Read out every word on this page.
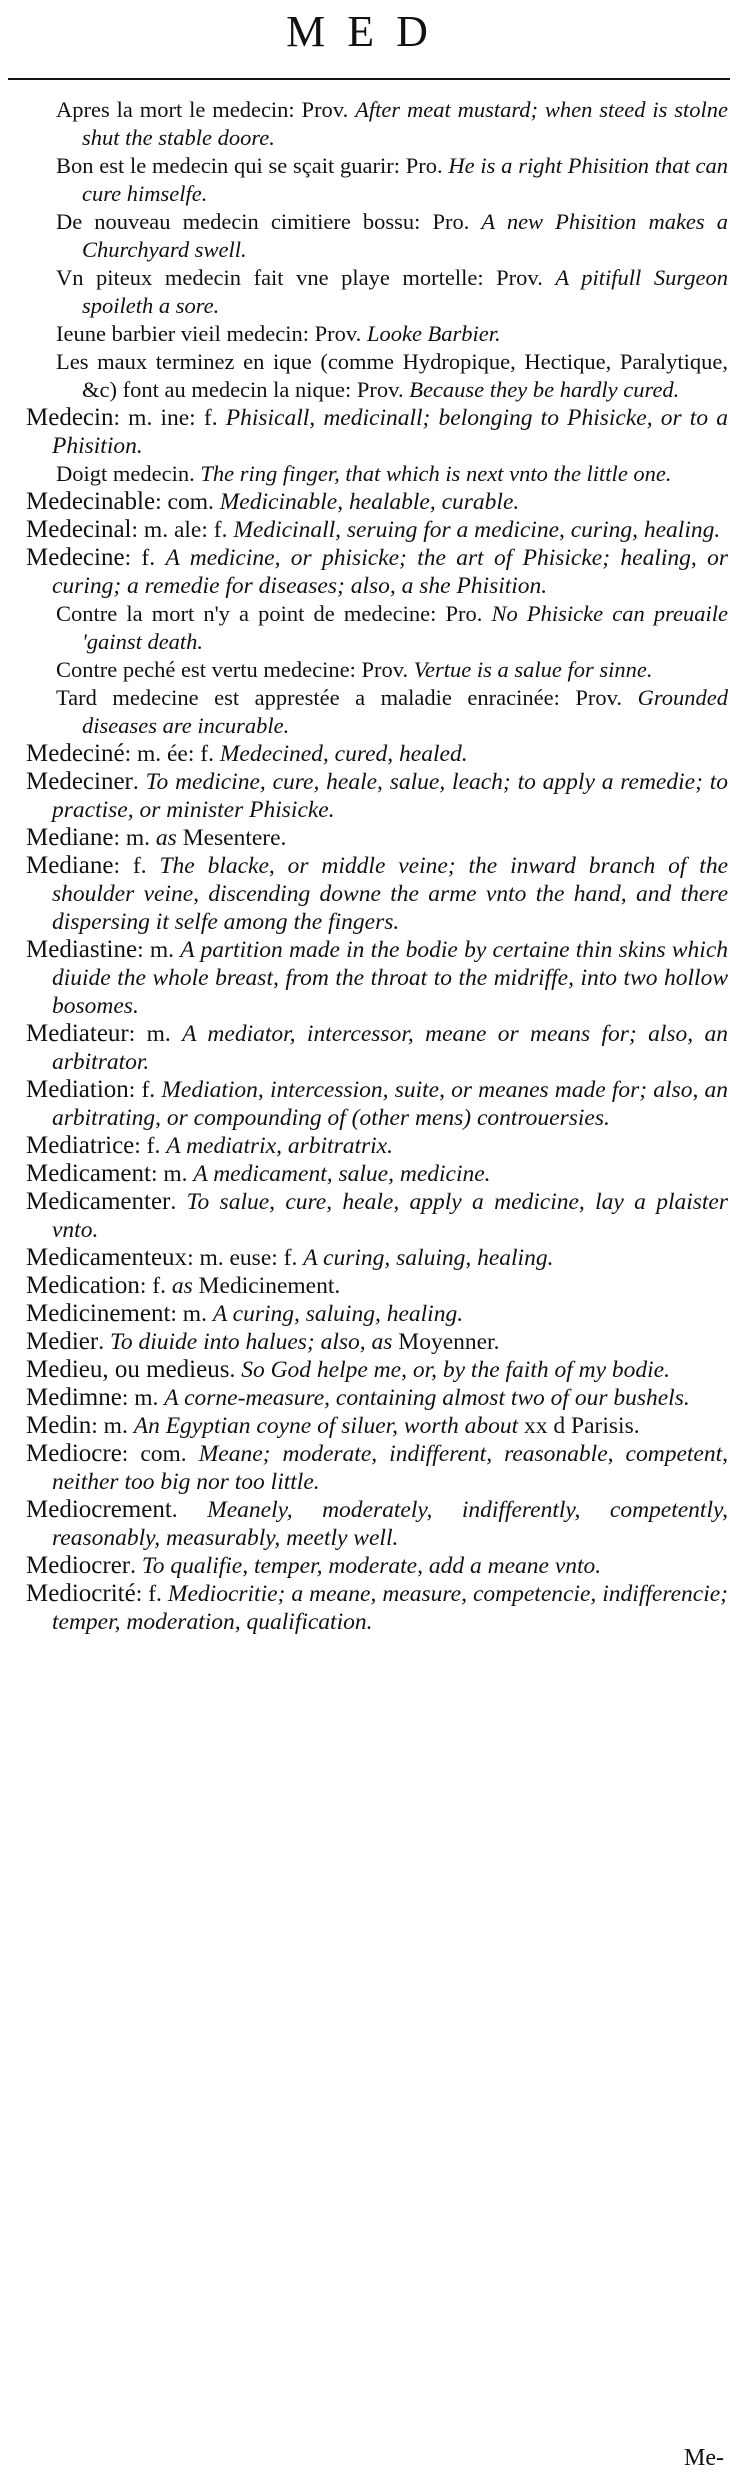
MED
Apres la mort le medecin: Prov. After meat mustard; when steed is stolne shut the stable doore.
Bon est le medecin qui se sçait guarir: Pro. He is a right Phisition that can cure himselfe.
De nouveau medecin cimitiere bossu: Pro. A new Phisition makes a Churchyard swell.
Vn piteux medecin fait vne playe mortelle: Prov. A pitifull Surgeon spoileth a sore.
Ieune barbier vieil medecin: Prov. Looke Barbier.
Les maux terminez en ique (comme Hydropique, Hectique, Paralytique, &c) font au medecin la nique: Prov. Because they be hardly cured.
Medecin: m. ine: f. Phisicall, medicinall; belonging to Phisicke, or to a Phisition.
Doigt medecin. The ring finger, that which is next vnto the little one.
Medecinable: com. Medicinable, healable, curable.
Medecinal: m. ale: f. Medicinall, seruing for a medicine, curing, healing.
Medecine: f. A medicine, or phisicke; the art of Phisicke; healing, or curing; a remedie for diseases; also, a she Phisition.
Contre la mort n'y a point de medecine: Pro. No Phisicke can preuaile 'gainst death.
Contre peché est vertu medecine: Prov. Vertue is a salue for sinne.
Tard medecine est apprestée a maladie enracinée: Prov. Grounded diseases are incurable.
Medeciné: m. ée: f. Medecined, cured, healed.
Medeciner. To medicine, cure, heale, salue, leach; to apply a remedie; to practise, or minister Phisicke.
Mediane: m. as Mesentere.
Mediane: f. The blacke, or middle veine; the inward branch of the shoulder veine, discending downe the arme vnto the hand, and there dispersing it selfe among the fingers.
Mediastine: m. A partition made in the bodie by certaine thin skins which diuide the whole breast, from the throat to the midriffe, into two hollow bosomes.
Mediateur: m. A mediator, intercessor, meane or means for; also, an arbitrator.
Mediation: f. Mediation, intercession, suite, or meanes made for; also, an arbitrating, or compounding of (other mens) controuersies.
Mediatrice: f. A mediatrix, arbitratrix.
Medicament: m. A medicament, salue, medicine.
Medicamenter. To salue, cure, heale, apply a medicine, lay a plaister vnto.
Medicamenteux: m. euse: f. A curing, saluing, healing.
Medication: f. as Medicinement.
Medicinement: m. A curing, saluing, healing.
Medier. To diuide into halues; also, as Moyenner.
Medieu, ou medieus. So God helpe me, or, by the faith of my bodie.
Medimne: m. A corne-measure, containing almost two of our bushels.
Medin: m. An Egyptian coyne of siluer, worth about xx d Parisis.
Mediocre: com. Meane; moderate, indifferent, reasonable, competent, neither too big nor too little.
Mediocrement. Meanely, moderately, indifferently, competently, reasonably, measurably, meetly well.
Mediocrer. To qualifie, temper, moderate, add a meane vnto.
Mediocrité: f. Mediocritie; a meane, measure, competencie, indifferencie; temper, moderation, qualification.
Me-
